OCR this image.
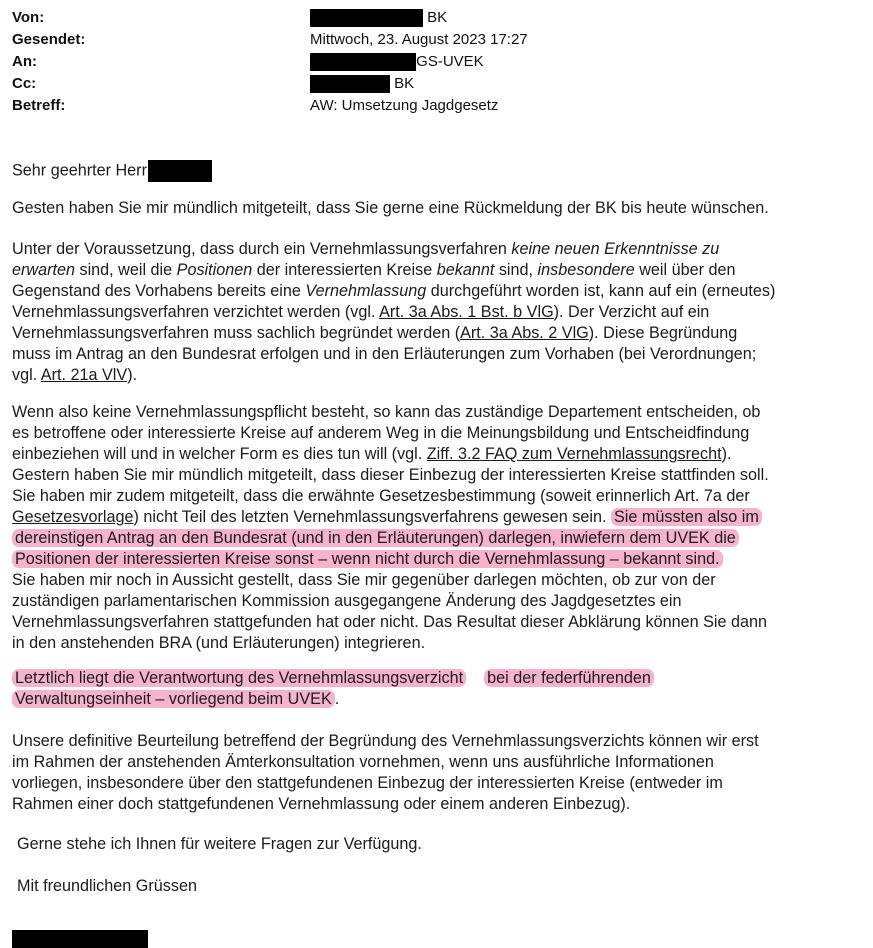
Von:	BK
Gesendet:	Mittwoch, 23. August 2023 17:27
An:	GS-UVEK
Cc:	BK
Betreff:	AW: Umsetzung Jagdgesetz
Sehr geehrter Herr

Gesten haben Sie mir mündlich mitgeteilt, dass Sie gerne eine Rückmeldung der BK bis heute wünschen.

Unter der Voraussetzung, dass durch ein Vernehmlassungsverfahren keine neuen Erkenntnisse zu
erwarten sind, weil die Positionen der interessierten Kreise bekannt sind, insbesondere weil über den
Gegenstand des Vorhabens bereits eine Vernehmlassung durchgeführt worden ist, kann auf ein (erneutes)
Vernehmlassungsverfahren verzichtet werden (vgl. Art. 3a Abs. 1 Bst. b VlG). Der Verzicht auf ein
Vernehmlassungsverfahren muss sachlich begründet werden (Art. 3a Abs. 2 VlG). Diese Begründung
muss im Antrag an den Bundesrat erfolgen und in den Erläuterungen zum Vorhaben (bei Verordnungen;
vgl. Art. 21a VlV).

Wenn also keine Vernehmlassungspflicht besteht, so kann das zuständige Departement entscheiden, ob
es betroffene oder interessierte Kreise auf anderem Weg in die Meinungsbildung und Entscheidfindung
einbeziehen will und in welcher Form es dies tun will (vgl. Ziff. 3.2 FAQ zum Vernehmlassungsrecht).
Gestern haben Sie mir mündlich mitgeteilt, dass dieser Einbezug der interessierten Kreise stattfinden soll.
Sie haben mir zudem mitgeteilt, dass die erwähnte Gesetzesbestimmung (soweit erinnerlich Art. 7a der
Gesetzesvorlage) nicht Teil des letzten Vernehmlassungsverfahrens gewesen sein. Sie müssten also im
dereinstigen Antrag an den Bundesrat (und in den Erläuterungen) darlegen, inwiefern dem UVEK die
Positionen der interessierten Kreise sonst – wenn nicht durch die Vernehmlassung – bekannt sind.
Sie haben mir noch in Aussicht gestellt, dass Sie mir gegenüber darlegen möchten, ob zur von der
zuständigen parlamentarischen Kommission ausgegangene Änderung des Jagdgesetztes ein
Vernehmlassungsverfahren stattgefunden hat oder nicht. Das Resultat dieser Abklärung können Sie dann
in den anstehenden BRA (und Erläuterungen) integrieren.

Letztlich liegt die Verantwortung des Vernehmlassungsverzicht bei der federführenden
Verwaltungseinheit – vorliegend beim UVEK .

Unsere definitive Beurteilung betreffend der Begründung des Vernehmlassungsverzichts können wir erst
im Rahmen der anstehenden Ämterkonsultation vornehmen, wenn uns ausführliche Informationen
vorliegen, insbesondere über den stattgefundenen Einbezug der interessierten Kreise (entweder im
Rahmen einer doch stattgefundenen Vernehmlassung oder einem anderen Einbezug).

Gerne stehe ich Ihnen für weitere Fragen zur Verfügung.

Mit freundlichen Grüssen
